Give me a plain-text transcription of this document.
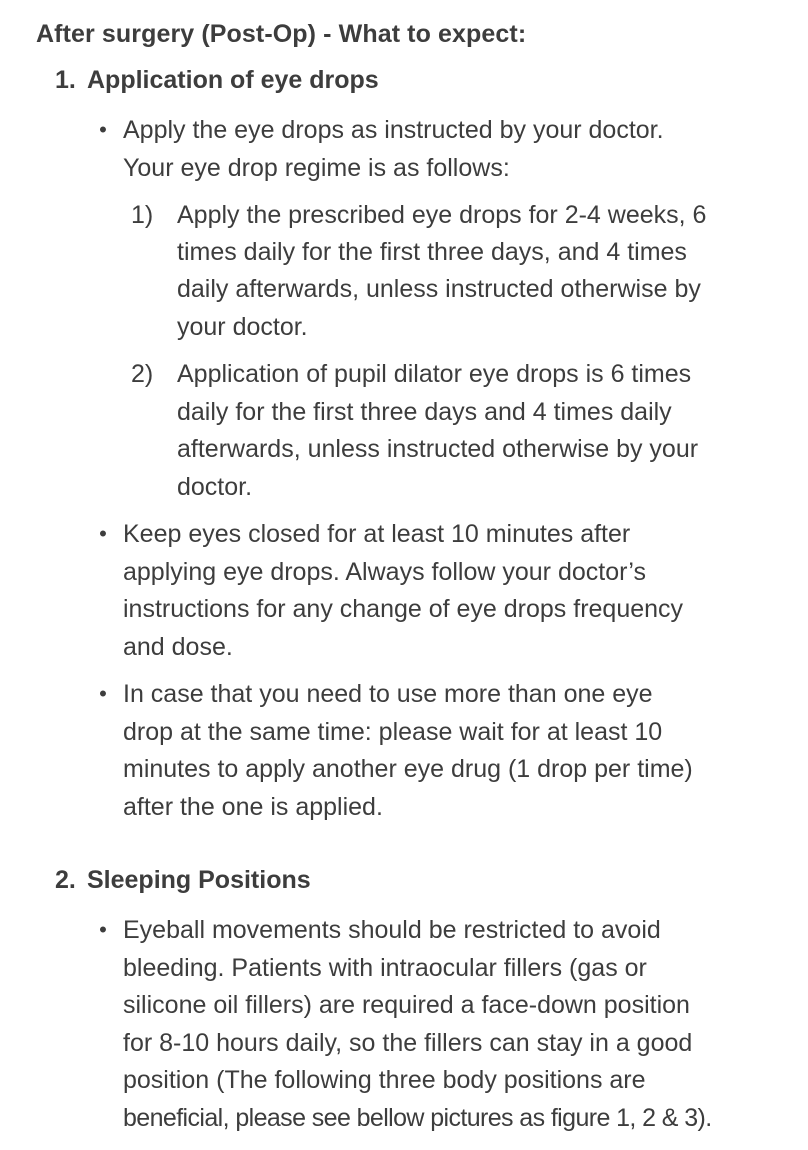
After surgery (Post-Op) - What to expect:
1. Application of eye drops
• Apply the eye drops as instructed by your doctor.
Your eye drop regime is as follows:
1) Apply the prescribed eye drops for 2-4 weeks, 6
times daily for the first three days, and 4 times
daily afterwards, unless instructed otherwise by
your doctor.
2) Application of pupil dilator eye drops is 6 times
daily for the first three days and 4 times daily
afterwards, unless instructed otherwise by your
doctor.
• Keep eyes closed for at least 10 minutes after
applying eye drops. Always follow your doctor’s
instructions for any change of eye drops frequency
and dose.
• In case that you need to use more than one eye
drop at the same time: please wait for at least 10
minutes to apply another eye drug (1 drop per time)
after the one is applied.
2. Sleeping Positions
• Eyeball movements should be restricted to avoid
bleeding. Patients with intraocular fillers (gas or
silicone oil fillers) are required a face-down position
for 8-10 hours daily, so the fillers can stay in a good
position (The following three body positions are
beneficial, please see bellow pictures as figure 1, 2 & 3).
